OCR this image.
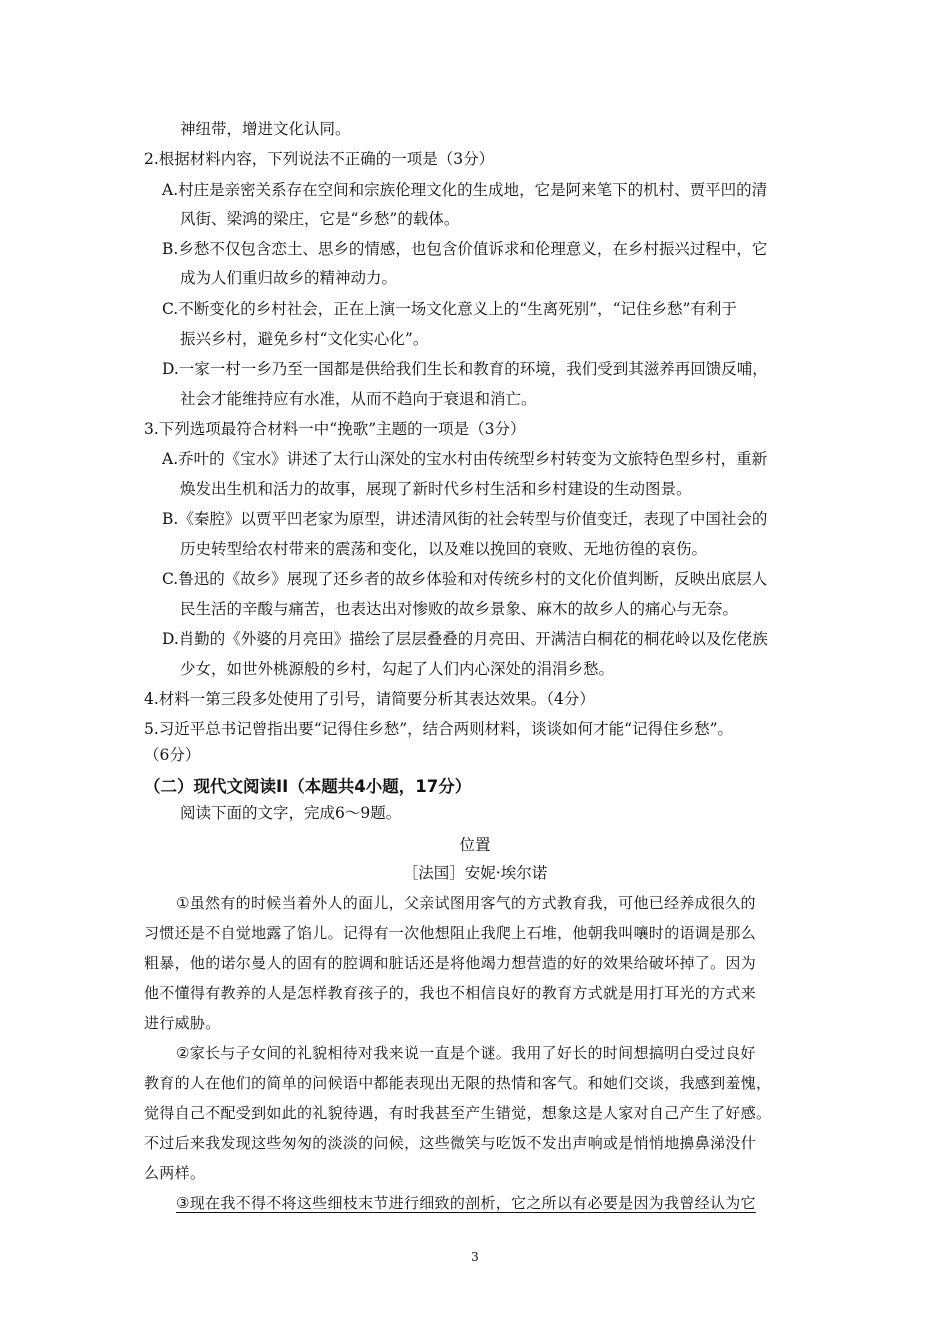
神纽带，增进文化认同。
2.根据材料内容，下列说法不正确的一项是（3分）
A.村庄是亲密关系存在空间和宗族伦理文化的生成地，它是阿来笔下的机村、贾平凹的清
风街、梁鸿的梁庄，它是“乡愁”的载体。
B.乡愁不仅包含恋土、思乡的情感，也包含价值诉求和伦理意义，在乡村振兴过程中，它
成为人们重归故乡的精神动力。
C.不断变化的乡村社会，正在上演一场文化意义上的“生离死别”，“记住乡愁”有利于
振兴乡村，避免乡村“文化实心化”。
D.一家一村一乡乃至一国都是供给我们生长和教育的环境，我们受到其滋养再回馈反哺，
社会才能维持应有水准，从而不趋向于衰退和消亡。
3.下列选项最符合材料一中“挽歌”主题的一项是（3分）
A.乔叶的《宝水》讲述了太行山深处的宝水村由传统型乡村转变为文旅特色型乡村，重新
焕发出生机和活力的故事，展现了新时代乡村生活和乡村建设的生动图景。
B.《秦腔》以贾平凹老家为原型，讲述清风街的社会转型与价值变迁，表现了中国社会的
历史转型给农村带来的震荡和变化，以及难以挽回的衰败、无地彷徨的哀伤。
C.鲁迅的《故乡》展现了还乡者的故乡体验和对传统乡村的文化价值判断，反映出底层人
民生活的辛酸与痛苦，也表达出对惨败的故乡景象、麻木的故乡人的痛心与无奈。
D.肖勤的《外婆的月亮田》描绘了层层叠叠的月亮田、开满洁白桐花的桐花岭以及仡佬族
少女，如世外桃源般的乡村，勾起了人们内心深处的涓涓乡愁。
4.材料一第三段多处使用了引号，请简要分析其表达效果。（4分）
5.习近平总书记曾指出要“记得住乡愁”，结合两则材料，谈谈如何才能“记得住乡愁”。
（6分）
（二）现代文阅读II（本题共4小题，17分）
阅读下面的文字，完成6～9题。
位置
［法国］安妮·埃尔诺
①虽然有的时候当着外人的面儿，父亲试图用客气的方式教育我，可他已经养成很久的
习惯还是不自觉地露了馅儿。记得有一次他想阻止我爬上石堆，他朝我叫嚷时的语调是那么
粗暴，他的诺尔曼人的固有的腔调和脏话还是将他竭力想营造的好的效果给破坏掉了。因为
他不懂得有教养的人是怎样教育孩子的，我也不相信良好的教育方式就是用打耳光的方式来
进行威胁。
②家长与子女间的礼貌相待对我来说一直是个谜。我用了好长的时间想搞明白受过良好
教育的人在他们的简单的问候语中都能表现出无限的热情和客气。和她们交谈，我感到羞愧，
觉得自己不配受到如此的礼貌待遇，有时我甚至产生错觉，想象这是人家对自己产生了好感。
不过后来我发现这些匆匆的淡淡的问候，这些微笑与吃饭不发出声响或是悄悄地擤鼻涕没什
么两样。
③现在我不得不将这些细枝末节进行细致的剖析，它之所以有必要是因为我曾经认为它
3
